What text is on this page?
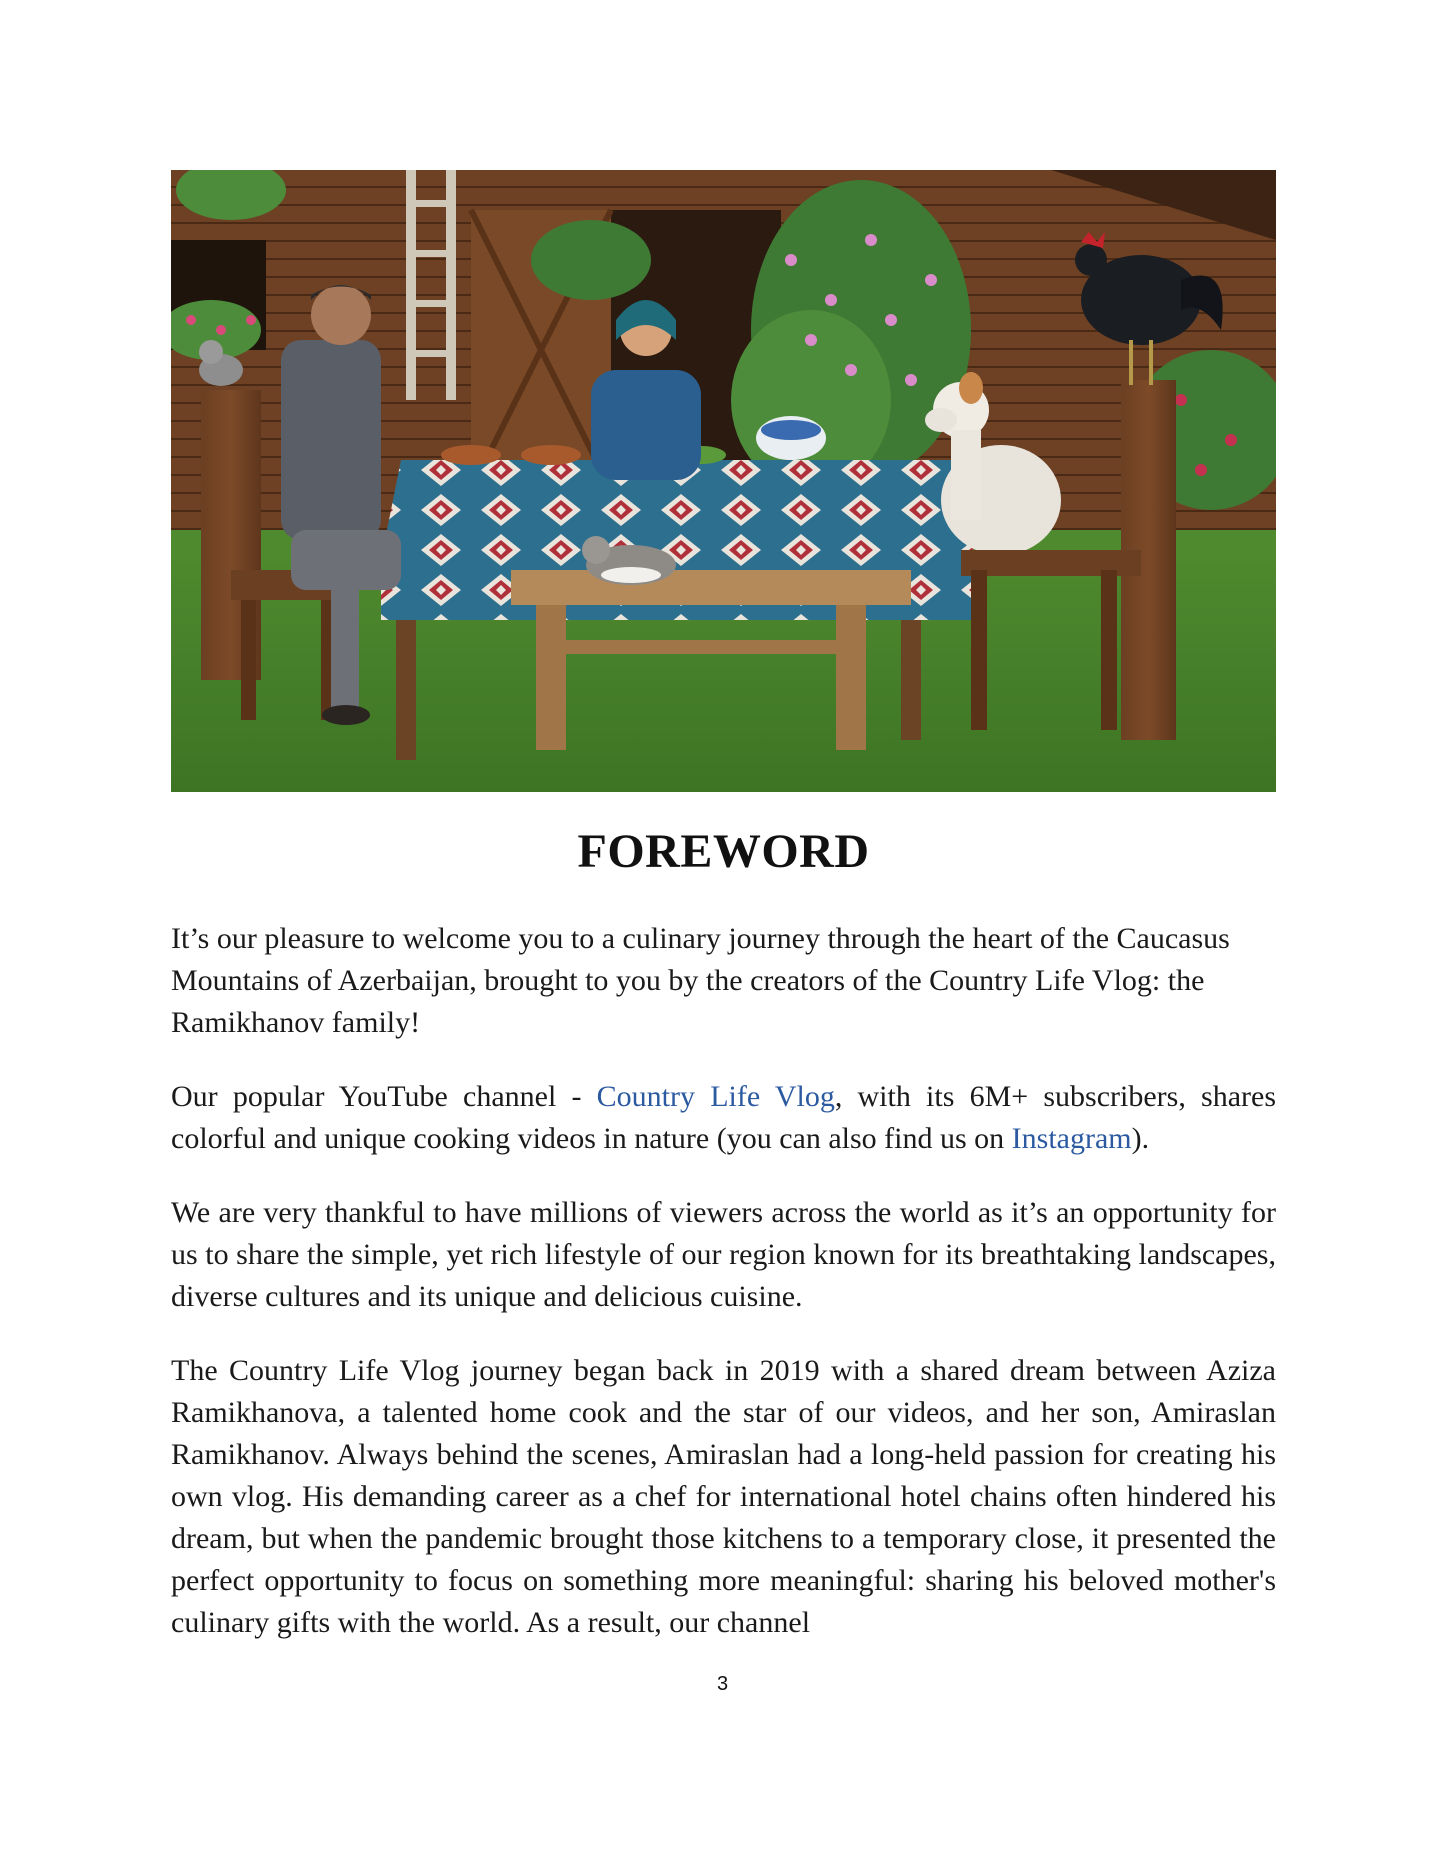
FOREWORD

It’s our pleasure to welcome you to a culinary journey through the heart of the Caucasus Mountains of Azerbaijan, brought to you by the creators of the Country Life Vlog: the Ramikhanov family!

Our popular YouTube channel - Country Life Vlog, with its 6M+ subscribers, shares colorful and unique cooking videos in nature (you can also find us on Instagram).

We are very thankful to have millions of viewers across the world as it’s an opportunity for us to share the simple, yet rich lifestyle of our region known for its breathtaking landscapes, diverse cultures and its unique and delicious cuisine.

The Country Life Vlog journey began back in 2019 with a shared dream between Aziza Ramikhanova, a talented home cook and the star of our videos, and her son, Amiraslan Ramikhanov. Always behind the scenes, Amiraslan had a long-held passion for creating his own vlog. His demanding career as a chef for international hotel chains often hindered his dream, but when the pandemic brought those kitchens to a temporary close, it presented the perfect opportunity to focus on something more meaningful: sharing his beloved mother's culinary gifts with the world. As a result, our channel

3
